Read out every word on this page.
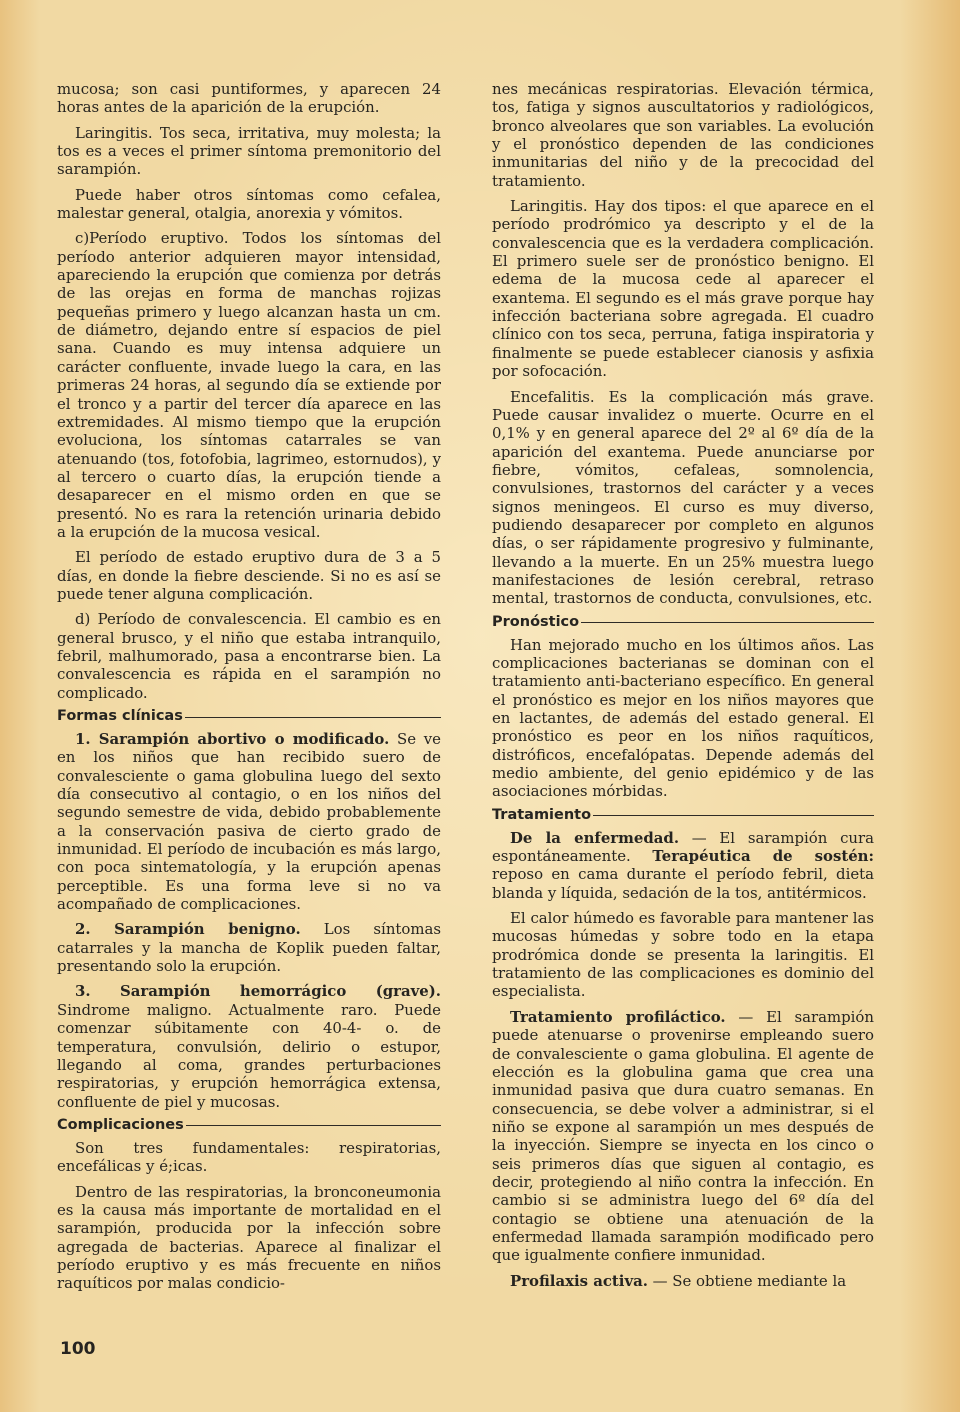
mucosa; son casi puntiformes, y aparecen 24 horas antes de la aparición de la erupción.

Laringitis. Tos seca, irritativa, muy molesta; la tos es a veces el primer síntoma premonitorio del sarampión.

Puede haber otros síntomas como cefalea, malestar general, otalgia, anorexia y vómitos.

c)Período eruptivo. Todos los síntomas del período anterior adquieren mayor intensidad, apareciendo la erupción que comienza por detrás de las orejas en forma de manchas rojizas pequeñas primero y luego alcanzan hasta un cm. de diámetro, dejando entre sí espacios de piel sana. Cuando es muy intensa adquiere un carácter confluente, invade luego la cara, en las primeras 24 horas, al segundo día se extiende por el tronco y a partir del tercer día aparece en las extremidades. Al mismo tiempo que la erupción evoluciona, los síntomas catarrales se van atenuando (tos, fotofobia, lagrimeo, estornudos), y al tercero o cuarto días, la erupción tiende a desaparecer en el mismo orden en que se presentó. No es rara la retención urinaria debido a la erupción de la mucosa vesical.

El período de estado eruptivo dura de 3 a 5 días, en donde la fiebre desciende. Si no es así se puede tener alguna complicación.

d) Período de convalescencia. El cambio es en general brusco, y el niño que estaba intranquilo, febril, malhumorado, pasa a encontrarse bien. La convalescencia es rápida en el sarampión no complicado.

Formas clínicas

1. Sarampión abortivo o modificado. Se ve en los niños que han recibido suero de convalesciente o gama globulina luego del sexto día consecutivo al contagio, o en los niños del segundo semestre de vida, debido probablemente a la conservación pasiva de cierto grado de inmunidad. El período de incubación es más largo, con poca sintematología, y la erupción apenas perceptible. Es una forma leve si no va acompañado de complicaciones.

2. Sarampión benigno. Los síntomas catarrales y la mancha de Koplik pueden faltar, presentando solo la erupción.

3. Sarampión hemorrágico (grave). Sindrome maligno. Actualmente raro. Puede comenzar súbitamente con 40-4- o. de temperatura, convulsión, delirio o estupor, llegando al coma, grandes perturbaciones respiratorias, y erupción hemorrágica extensa, confluente de piel y mucosas.

Complicaciones

Son tres fundamentales: respiratorias, encefálicas y é;icas.

Dentro de las respiratorias, la bronconeumonia es la causa más importante de mortalidad en el sarampión, producida por la infección sobre agregada de bacterias. Aparece al finalizar el período eruptivo y es más frecuente en niños raquíticos por malas condicio-

nes mecánicas respiratorias. Elevación térmica, tos, fatiga y signos auscultatorios y radiológicos, bronco alveolares que son variables. La evolución y el pronóstico dependen de las condiciones inmunitarias del niño y de la precocidad del tratamiento.

Laringitis. Hay dos tipos: el que aparece en el período prodrómico ya descripto y el de la convalescencia que es la verdadera complicación. El primero suele ser de pronóstico benigno. El edema de la mucosa cede al aparecer el exantema. El segundo es el más grave porque hay infección bacteriana sobre agregada. El cuadro clínico con tos seca, perruna, fatiga inspiratoria y finalmente se puede establecer cianosis y asfixia por sofocación.

Encefalitis. Es la complicación más grave. Puede causar invalidez o muerte. Ocurre en el 0,1% y en general aparece del 2º al 6º día de la aparición del exantema. Puede anunciarse por fiebre, vómitos, cefaleas, somnolencia, convulsiones, trastornos del carácter y a veces signos meningeos. El curso es muy diverso, pudiendo desaparecer por completo en algunos días, o ser rápidamente progresivo y fulminante, llevando a la muerte. En un 25% muestra luego manifestaciones de lesión cerebral, retraso mental, trastornos de conducta, convulsiones, etc.

Pronóstico

Han mejorado mucho en los últimos años. Las complicaciones bacterianas se dominan con el tratamiento anti-bacteriano específico. En general el pronóstico es mejor en los niños mayores que en lactantes, de además del estado general. El pronóstico es peor en los niños raquíticos, distróficos, encefalópatas. Depende además del medio ambiente, del genio epidémico y de las asociaciones mórbidas.

Tratamiento

De la enfermedad. — El sarampión cura espontáneamente. Terapéutica de sostén: reposo en cama durante el período febril, dieta blanda y líquida, sedación de la tos, antitérmicos.

El calor húmedo es favorable para mantener las mucosas húmedas y sobre todo en la etapa prodrómica donde se presenta la laringitis. El tratamiento de las complicaciones es dominio del especialista.

Tratamiento profiláctico. — El sarampión puede atenuarse o provenirse empleando suero de convalesciente o gama globulina. El agente de elección es la globulina gama que crea una inmunidad pasiva que dura cuatro semanas. En consecuencia, se debe volver a administrar, si el niño se expone al sarampión un mes después de la inyección. Siempre se inyecta en los cinco o seis primeros días que siguen al contagio, es decir, protegiendo al niño contra la infección. En cambio si se administra luego del 6º día del contagio se obtiene una atenuación de la enfermedad llamada sarampión modificado pero que igualmente confiere inmunidad.

Profilaxis activa. — Se obtiene mediante la

100
